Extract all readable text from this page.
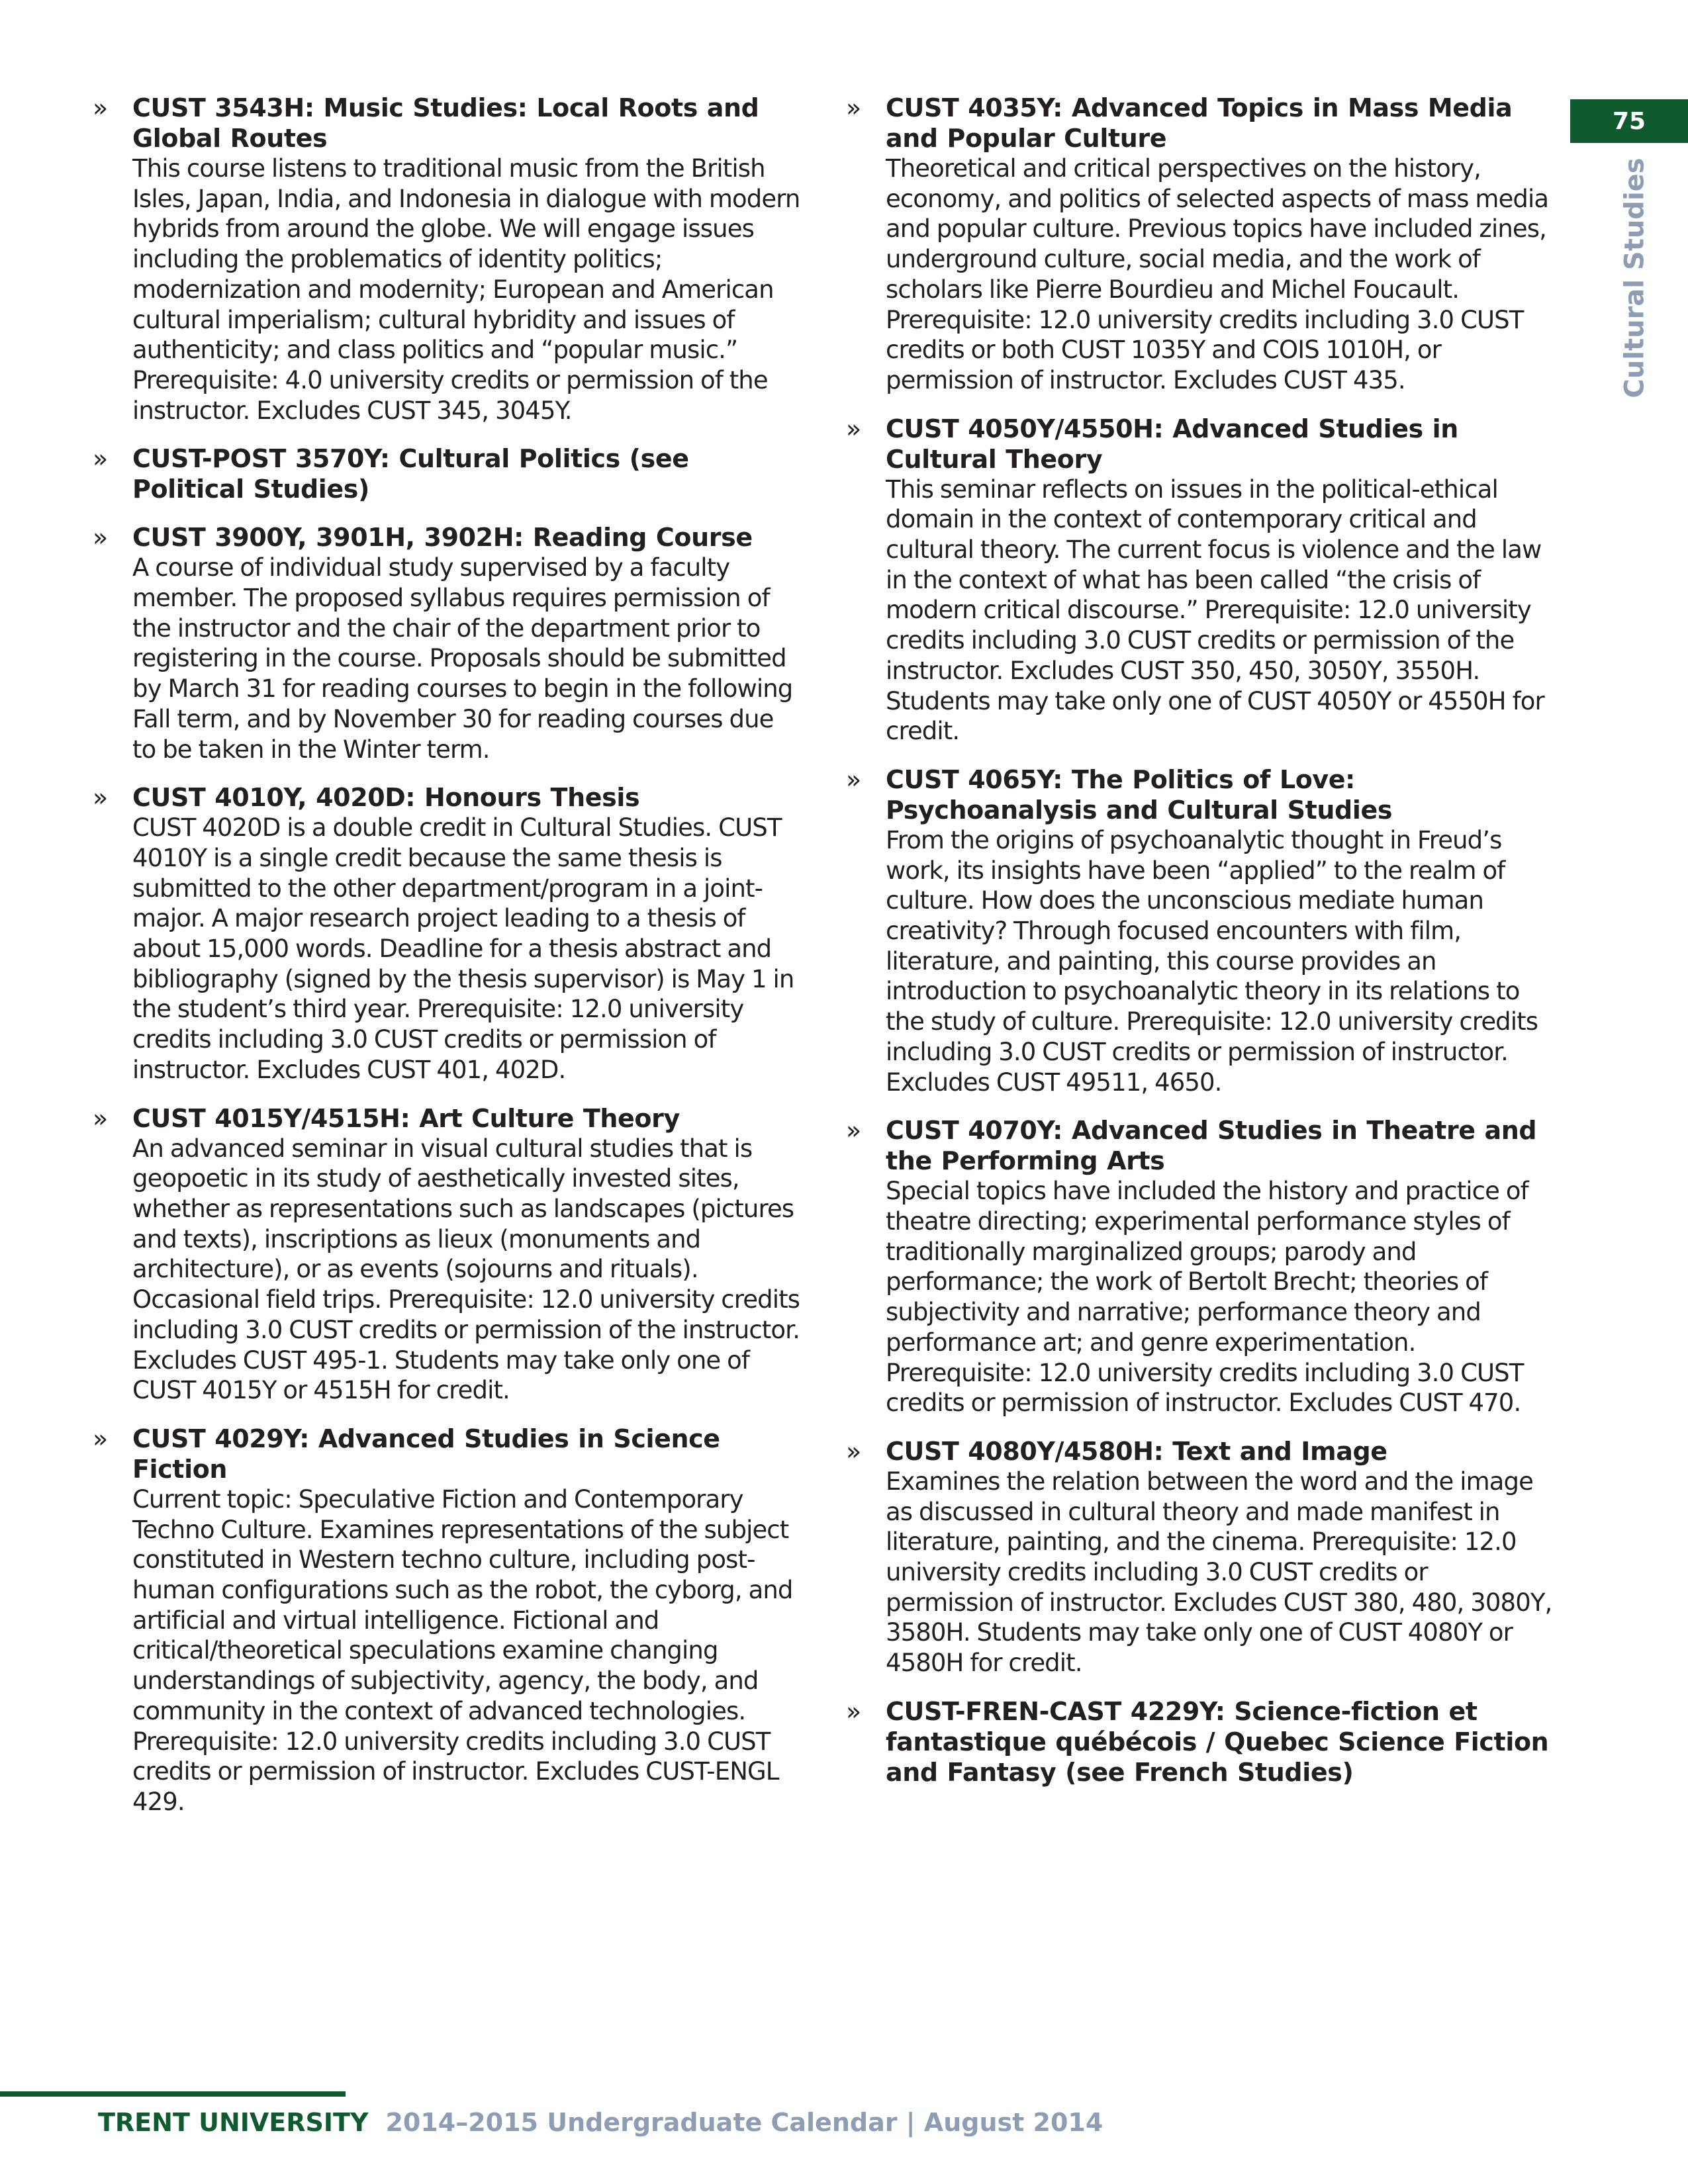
» CUST 3543H: Music Studies: Local Roots and Global Routes
This course listens to traditional music from the British Isles, Japan, India, and Indonesia in dialogue with modern hybrids from around the globe. We will engage issues including the problematics of identity politics; modernization and modernity; European and American cultural imperialism; cultural hybridity and issues of authenticity; and class politics and “popular music.” Prerequisite: 4.0 university credits or permission of the instructor. Excludes CUST 345, 3045Y.
» CUST-POST 3570Y: Cultural Politics (see Political Studies)
» CUST 3900Y, 3901H, 3902H: Reading Course
A course of individual study supervised by a faculty member. The proposed syllabus requires permission of the instructor and the chair of the department prior to registering in the course. Proposals should be submitted by March 31 for reading courses to begin in the following Fall term, and by November 30 for reading courses due to be taken in the Winter term.
» CUST 4010Y, 4020D: Honours Thesis
CUST 4020D is a double credit in Cultural Studies. CUST 4010Y is a single credit because the same thesis is submitted to the other department/program in a joint-major. A major research project leading to a thesis of about 15,000 words. Deadline for a thesis abstract and bibliography (signed by the thesis supervisor) is May 1 in the student’s third year. Prerequisite: 12.0 university credits including 3.0 CUST credits or permission of instructor. Excludes CUST 401, 402D.
» CUST 4015Y/4515H: Art Culture Theory
An advanced seminar in visual cultural studies that is geopoetic in its study of aesthetically invested sites, whether as representations such as landscapes (pictures and texts), inscriptions as lieux (monuments and architecture), or as events (sojourns and rituals). Occasional field trips. Prerequisite: 12.0 university credits including 3.0 CUST credits or permission of the instructor. Excludes CUST 495-1. Students may take only one of CUST 4015Y or 4515H for credit.
» CUST 4029Y: Advanced Studies in Science Fiction
Current topic: Speculative Fiction and Contemporary Techno Culture. Examines representations of the subject constituted in Western techno culture, including post-human configurations such as the robot, the cyborg, and artificial and virtual intelligence. Fictional and critical/theoretical speculations examine changing understandings of subjectivity, agency, the body, and community in the context of advanced technologies. Prerequisite: 12.0 university credits including 3.0 CUST credits or permission of instructor. Excludes CUST-ENGL 429.
» CUST 4035Y: Advanced Topics in Mass Media and Popular Culture
Theoretical and critical perspectives on the history, economy, and politics of selected aspects of mass media and popular culture. Previous topics have included zines, underground culture, social media, and the work of scholars like Pierre Bourdieu and Michel Foucault. Prerequisite: 12.0 university credits including 3.0 CUST credits or both CUST 1035Y and COIS 1010H, or permission of instructor. Excludes CUST 435.
» CUST 4050Y/4550H: Advanced Studies in Cultural Theory
This seminar reflects on issues in the political-ethical domain in the context of contemporary critical and cultural theory. The current focus is violence and the law in the context of what has been called “the crisis of modern critical discourse.” Prerequisite: 12.0 university credits including 3.0 CUST credits or permission of the instructor. Excludes CUST 350, 450, 3050Y, 3550H. Students may take only one of CUST 4050Y or 4550H for credit.
» CUST 4065Y: The Politics of Love: Psychoanalysis and Cultural Studies
From the origins of psychoanalytic thought in Freud’s work, its insights have been “applied” to the realm of culture. How does the unconscious mediate human creativity? Through focused encounters with film, literature, and painting, this course provides an introduction to psychoanalytic theory in its relations to the study of culture. Prerequisite: 12.0 university credits including 3.0 CUST credits or permission of instructor. Excludes CUST 49511, 4650.
» CUST 4070Y: Advanced Studies in Theatre and the Performing Arts
Special topics have included the history and practice of theatre directing; experimental performance styles of traditionally marginalized groups; parody and performance; the work of Bertolt Brecht; theories of subjectivity and narrative; performance theory and performance art; and genre experimentation. Prerequisite: 12.0 university credits including 3.0 CUST credits or permission of instructor. Excludes CUST 470.
» CUST 4080Y/4580H: Text and Image
Examines the relation between the word and the image as discussed in cultural theory and made manifest in literature, painting, and the cinema. Prerequisite: 12.0 university credits including 3.0 CUST credits or permission of instructor. Excludes CUST 380, 480, 3080Y, 3580H. Students may take only one of CUST 4080Y or 4580H for credit.
» CUST-FREN-CAST 4229Y: Science-fiction et fantastique québécois / Quebec Science Fiction and Fantasy (see French Studies)
75
Cultural Studies
TRENT UNIVERSITY 2014–2015 Undergraduate Calendar | August 2014
